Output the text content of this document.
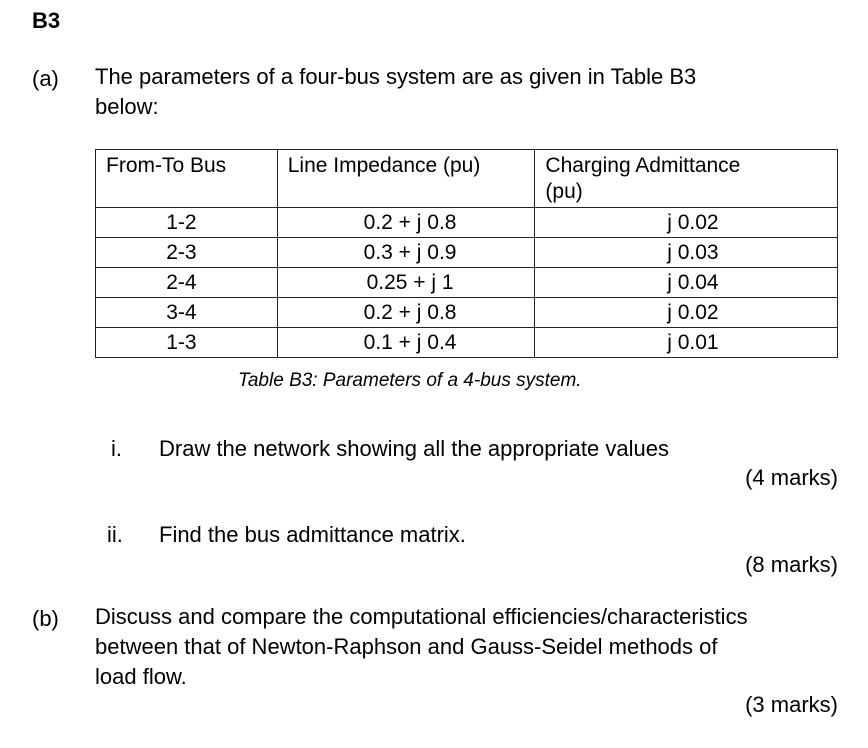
B3
(a) The parameters of a four-bus system are as given in Table B3
below:
From-To Bus	Line Impedance (pu)	Charging Admittance
(pu)

1-2	0.2 + j 0.8	j 0.02
2-3	0.3 + j 0.9	j 0.03
2-4	0.25 + j 1	j 0.04
3-4	0.2 + j 0.8	j 0.02
1-3	0.1 + j 0.4	j 0.01
Table B3: Parameters of a 4-bus system.
i. Draw the network showing all the appropriate values
(4 marks)
ii. Find the bus admittance matrix.
(8 marks)
(b) Discuss and compare the computational efficiencies/characteristics
between that of Newton-Raphson and Gauss-Seidel methods of
load flow.
(3 marks)
